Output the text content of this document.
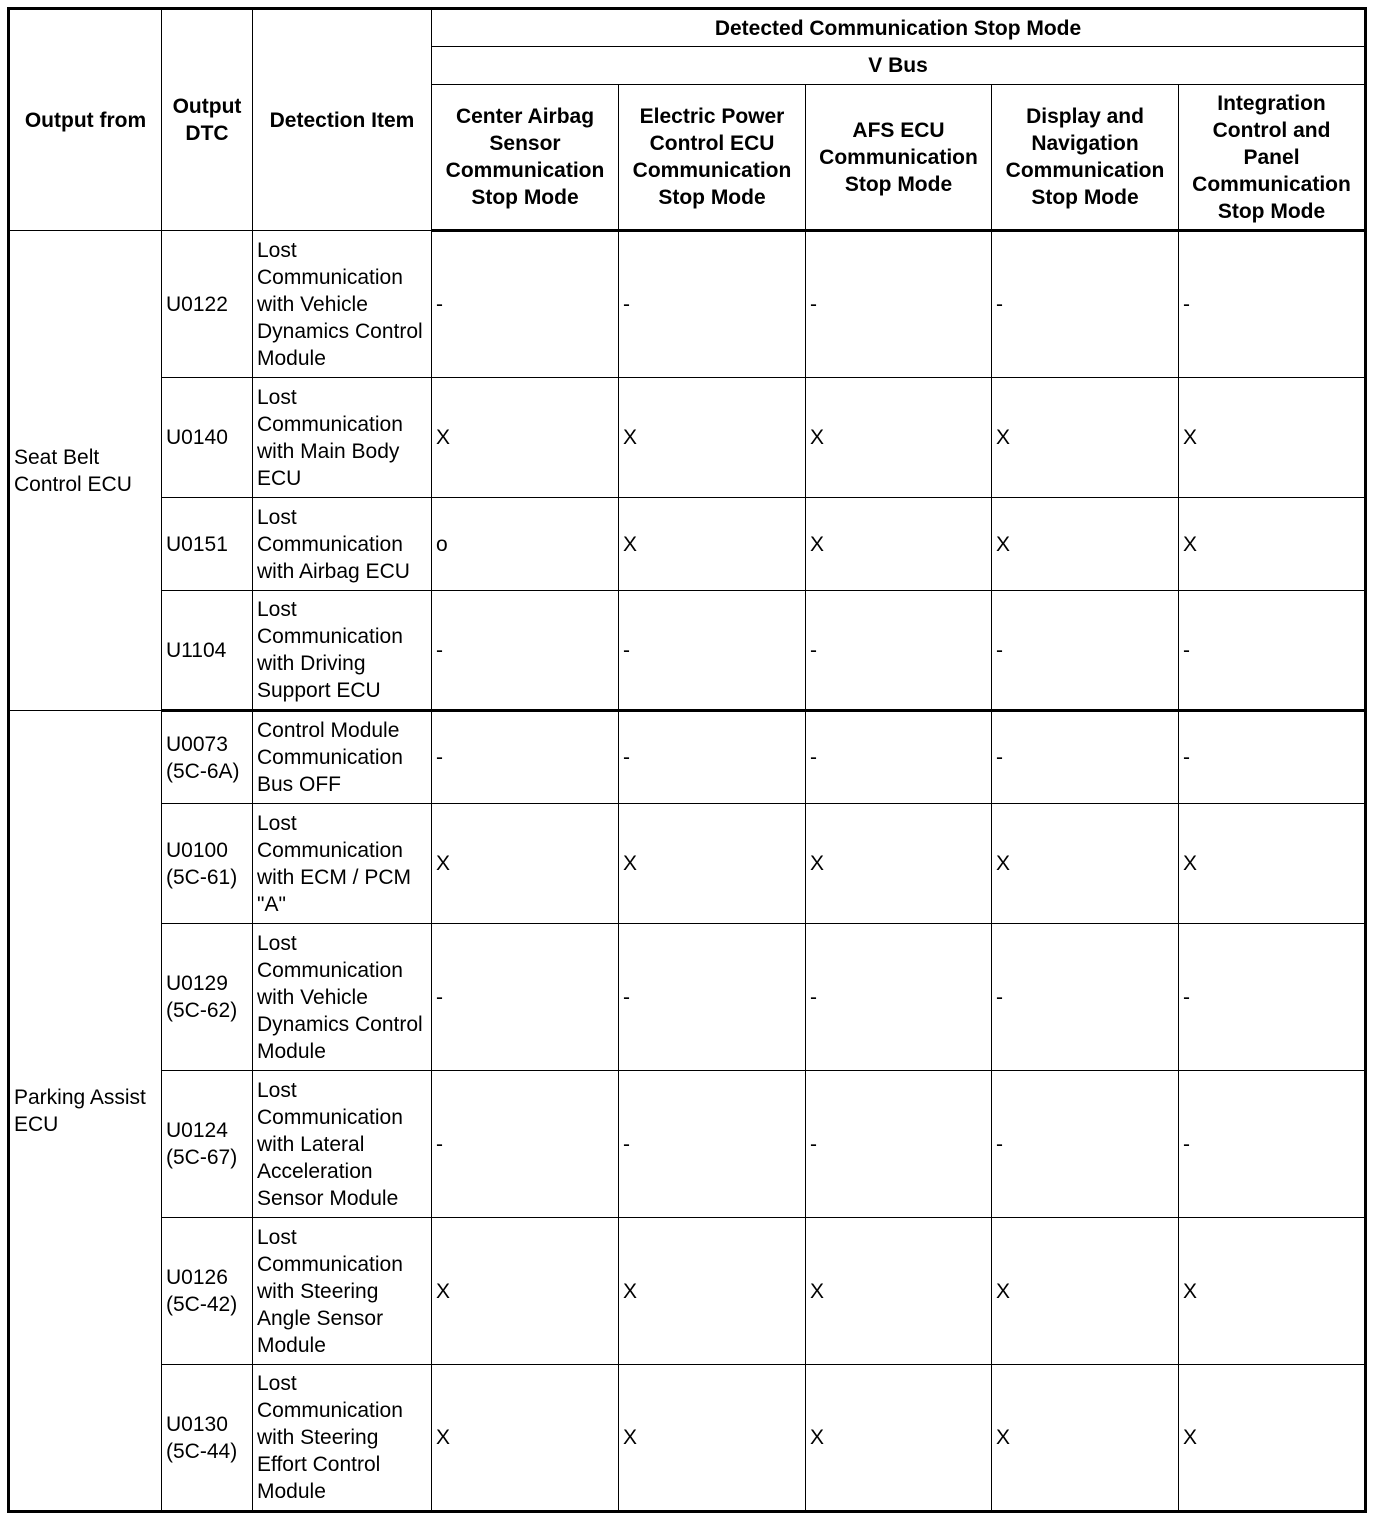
Output from	Output DTC	Detection Item	Detected Communication Stop Mode				
			V Bus				
			Center Airbag Sensor Communication Stop Mode	Electric Power Control ECU Communication Stop Mode	AFS ECU Communication Stop Mode	Display and Navigation Communication Stop Mode	Integration Control and Panel Communication Stop Mode
Seat Belt Control ECU	U0122	Lost Communication with Vehicle Dynamics Control Module	-	-	-	-	-
	U0140	Lost Communication with Main Body ECU	X	X	X	X	X
	U0151	Lost Communication with Airbag ECU	o	X	X	X	X
	U1104	Lost Communication with Driving Support ECU	-	-	-	-	-
Parking Assist ECU	U0073 (5C-6A)	Control Module Communication Bus OFF	-	-	-	-	-
	U0100 (5C-61)	Lost Communication with ECM / PCM "A"	X	X	X	X	X
	U0129 (5C-62)	Lost Communication with Vehicle Dynamics Control Module	-	-	-	-	-
	U0124 (5C-67)	Lost Communication with Lateral Acceleration Sensor Module	-	-	-	-	-
	U0126 (5C-42)	Lost Communication with Steering Angle Sensor Module	X	X	X	X	X
	U0130 (5C-44)	Lost Communication with Steering Effort Control Module	X	X	X	X	X
